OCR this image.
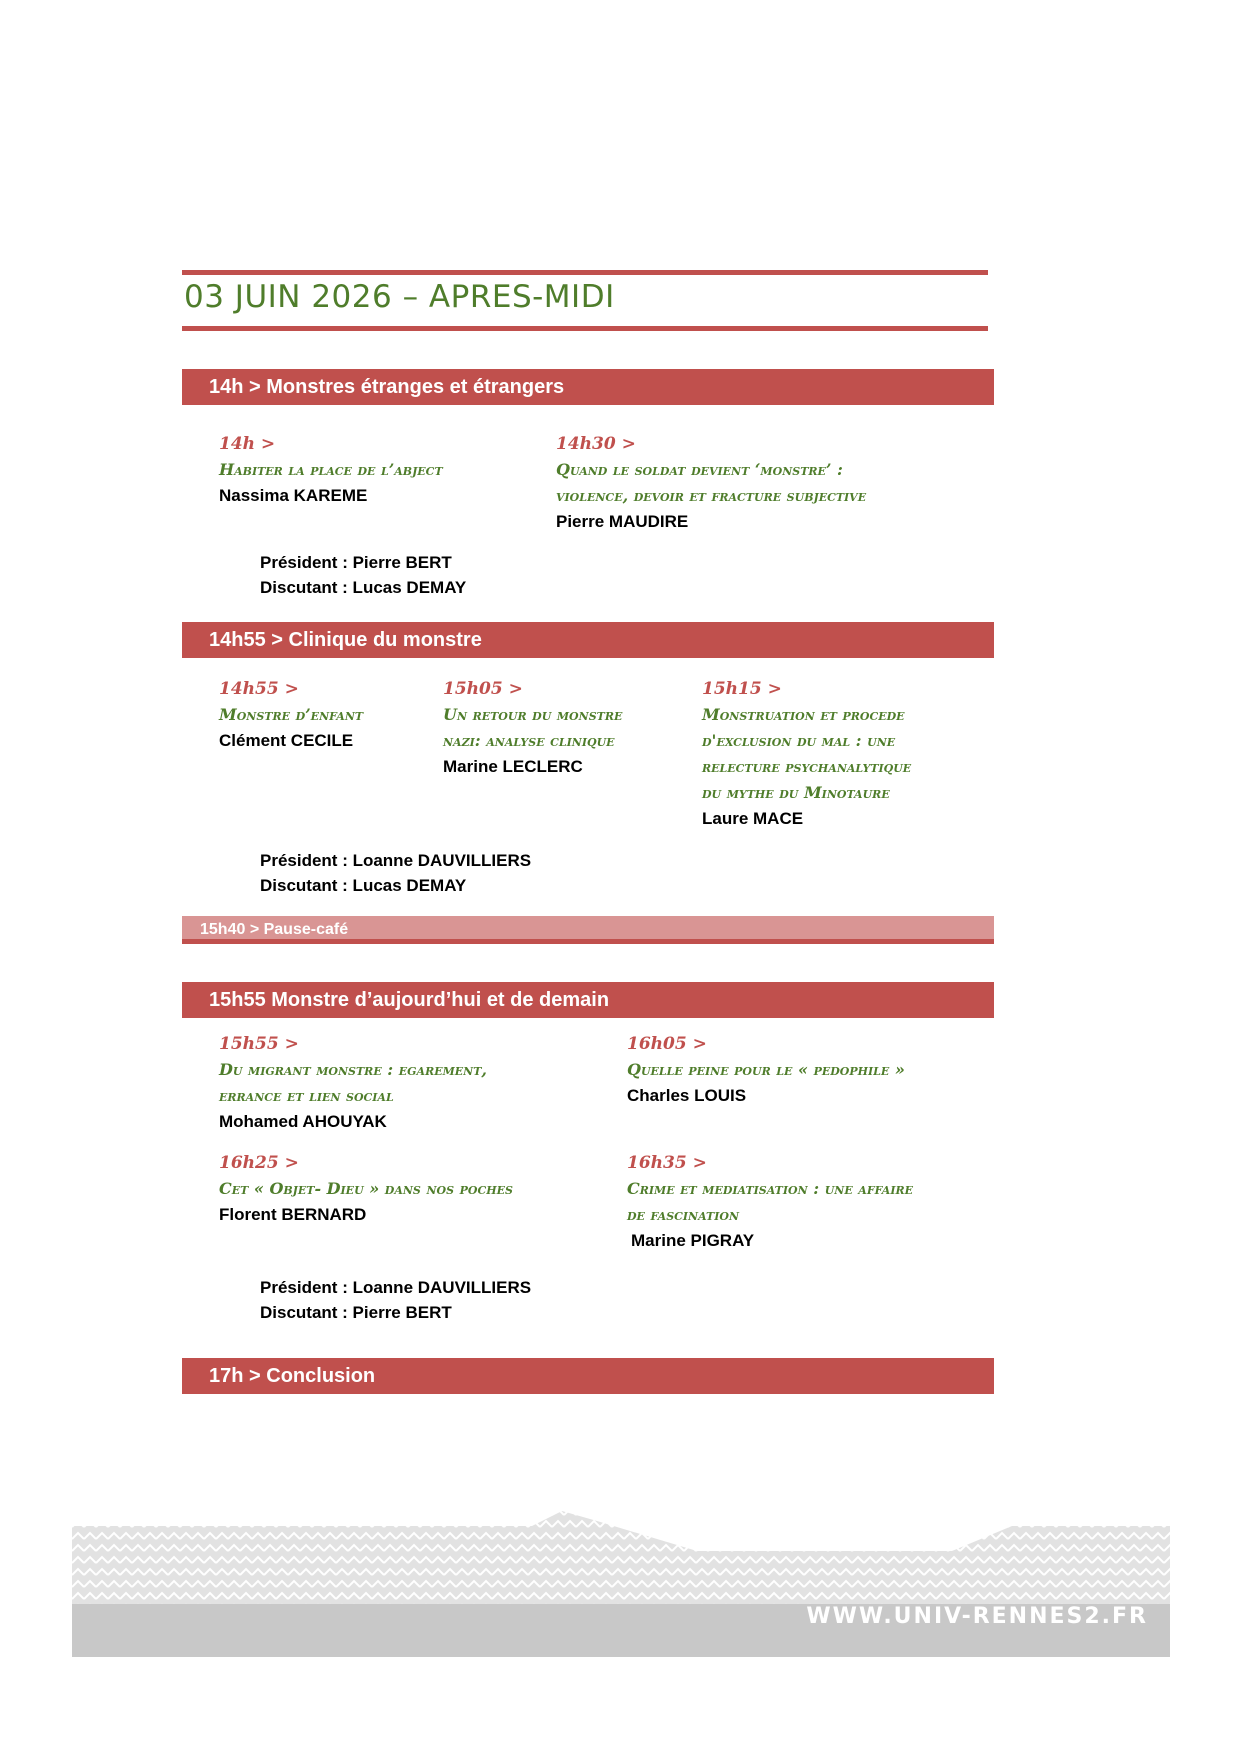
03 JUIN 2026 – APRES-MIDI
14h > Monstres étranges et étrangers
14h >
Habiter la place de l’abject
Nassima KAREME
14h30 >
Quand le soldat devient ‘monstre’ :
violence, devoir et fracture subjective
Pierre MAUDIRE
Président : Pierre BERT
Discutant : Lucas DEMAY
14h55 > Clinique du monstre
14h55 >
Monstre d’enfant
Clément CECILE
15h05 >
Un retour du monstre
nazi: analyse clinique
Marine LECLERC
15h15 >
Monstruation et procede
d'exclusion du mal : une
relecture psychanalytique
du mythe du Minotaure
Laure MACE
Président : Loanne DAUVILLIERS
Discutant : Lucas DEMAY
15h40 > Pause-café
15h55 Monstre d’aujourd’hui et de demain
15h55 >
Du migrant monstre : egarement,
errance et lien social
Mohamed AHOUYAK
16h05 >
Quelle peine pour le « pedophile »
Charles LOUIS
16h25 >
Cet « Objet- Dieu » dans nos poches
Florent BERNARD
16h35 >
Crime et mediatisation : une affaire
de fascination
Marine PIGRAY
Président : Loanne DAUVILLIERS
Discutant : Pierre BERT
17h > Conclusion
WWW.UNIV-RENNES2.FR
